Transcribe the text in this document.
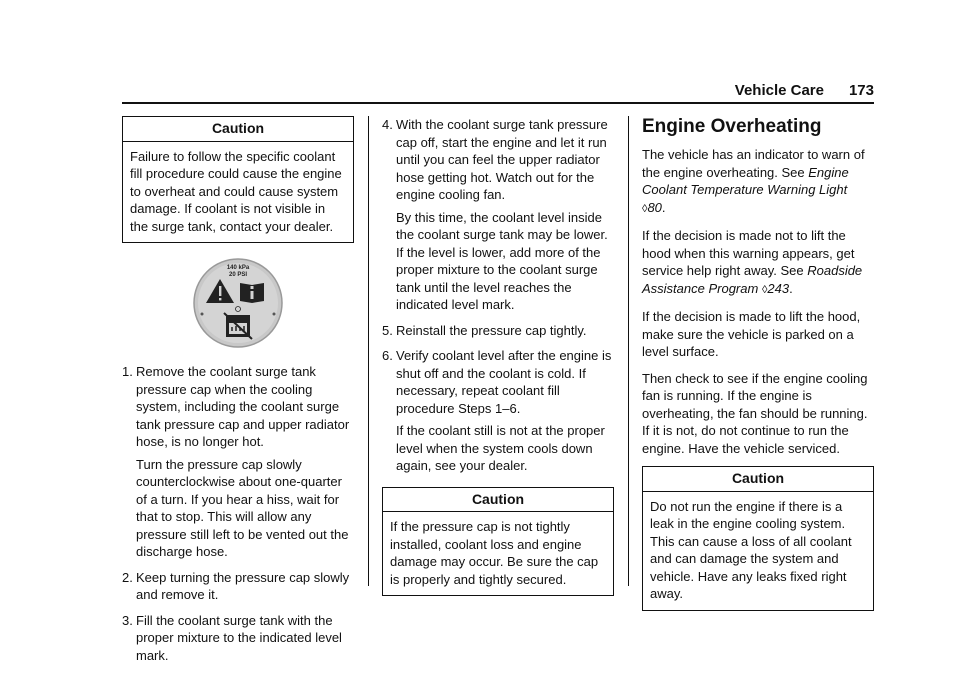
Vehicle Care 173
Caution
Failure to follow the specific coolant fill procedure could cause the engine to overheat and could cause system damage. If coolant is not visible in the surge tank, contact your dealer.
140 kPa
20 PSI
1. Remove the coolant surge tank pressure cap when the cooling system, including the coolant surge tank pressure cap and upper radiator hose, is no longer hot.
Turn the pressure cap slowly counterclockwise about one-quarter of a turn. If you hear a hiss, wait for that to stop. This will allow any pressure still left to be vented out the discharge hose.
2. Keep turning the pressure cap slowly and remove it.
3. Fill the coolant surge tank with the proper mixture to the indicated level mark.
4. With the coolant surge tank pressure cap off, start the engine and let it run until you can feel the upper radiator hose getting hot. Watch out for the engine cooling fan.
By this time, the coolant level inside the coolant surge tank may be lower. If the level is lower, add more of the proper mixture to the coolant surge tank until the level reaches the indicated level mark.
5. Reinstall the pressure cap tightly.
6. Verify coolant level after the engine is shut off and the coolant is cold. If necessary, repeat coolant fill procedure Steps 1–6.
If the coolant still is not at the proper level when the system cools down again, see your dealer.
Caution
If the pressure cap is not tightly installed, coolant loss and engine damage may occur. Be sure the cap is properly and tightly secured.
Engine Overheating

The vehicle has an indicator to warn of the engine overheating. See Engine Coolant Temperature Warning Light ◊80.

If the decision is made not to lift the hood when this warning appears, get service help right away. See Roadside Assistance Program ◊243.

If the decision is made to lift the hood, make sure the vehicle is parked on a level surface.

Then check to see if the engine cooling fan is running. If the engine is overheating, the fan should be running. If it is not, do not continue to run the engine. Have the vehicle serviced.

Caution
Do not run the engine if there is a leak in the engine cooling system. This can cause a loss of all coolant and can damage the system and vehicle. Have any leaks fixed right away.
